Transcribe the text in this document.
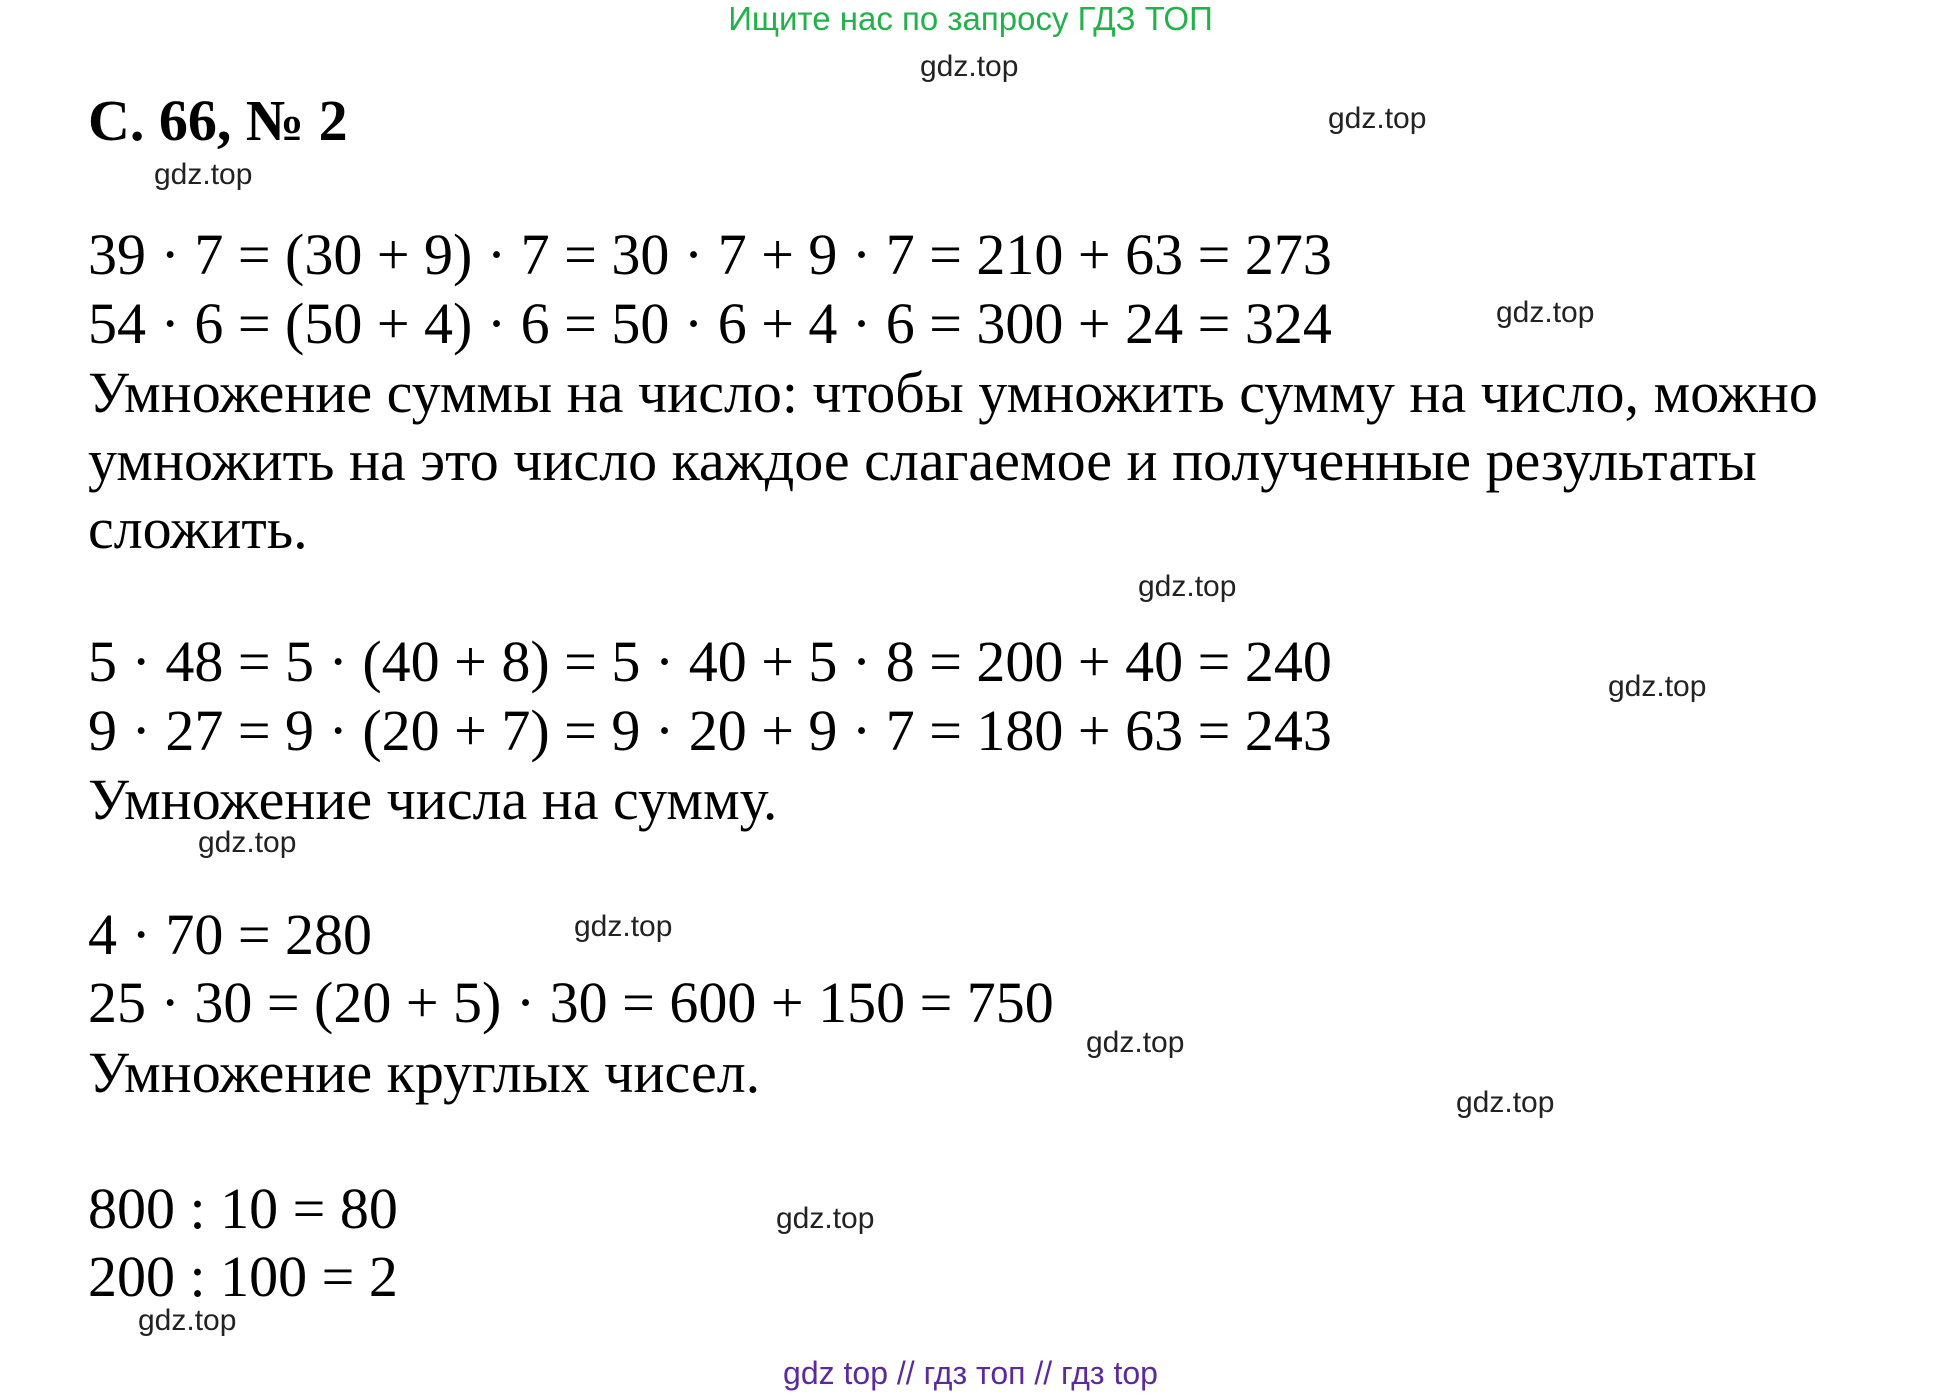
Ищите нас по запросу ГДЗ ТОП
gdz.top
gdz.top
gdz.top
gdz.top
gdz.top
gdz.top
gdz.top
gdz.top
gdz.top
gdz.top
gdz.top
gdz.top
С. 66, № 2
39 · 7 = (30 + 9) · 7 = 30 · 7 + 9 · 7 = 210 + 63 = 273
54 · 6 = (50 + 4) · 6 = 50 · 6 + 4 · 6 = 300 + 24 = 324
Умножение суммы на число: чтобы умножить сумму на число, можно
умножить на это число каждое слагаемое и полученные результаты
сложить.
5 · 48 = 5 · (40 + 8) = 5 · 40 + 5 · 8 = 200 + 40 = 240
9 · 27 = 9 · (20 + 7) = 9 · 20 + 9 · 7 = 180 + 63 = 243
Умножение числа на сумму.
4 · 70 = 280
25 · 30 = (20 + 5) · 30 = 600 + 150 = 750
Умножение круглых чисел.
800 : 10 = 80
200 : 100 = 2
gdz top // гдз топ // гдз top
